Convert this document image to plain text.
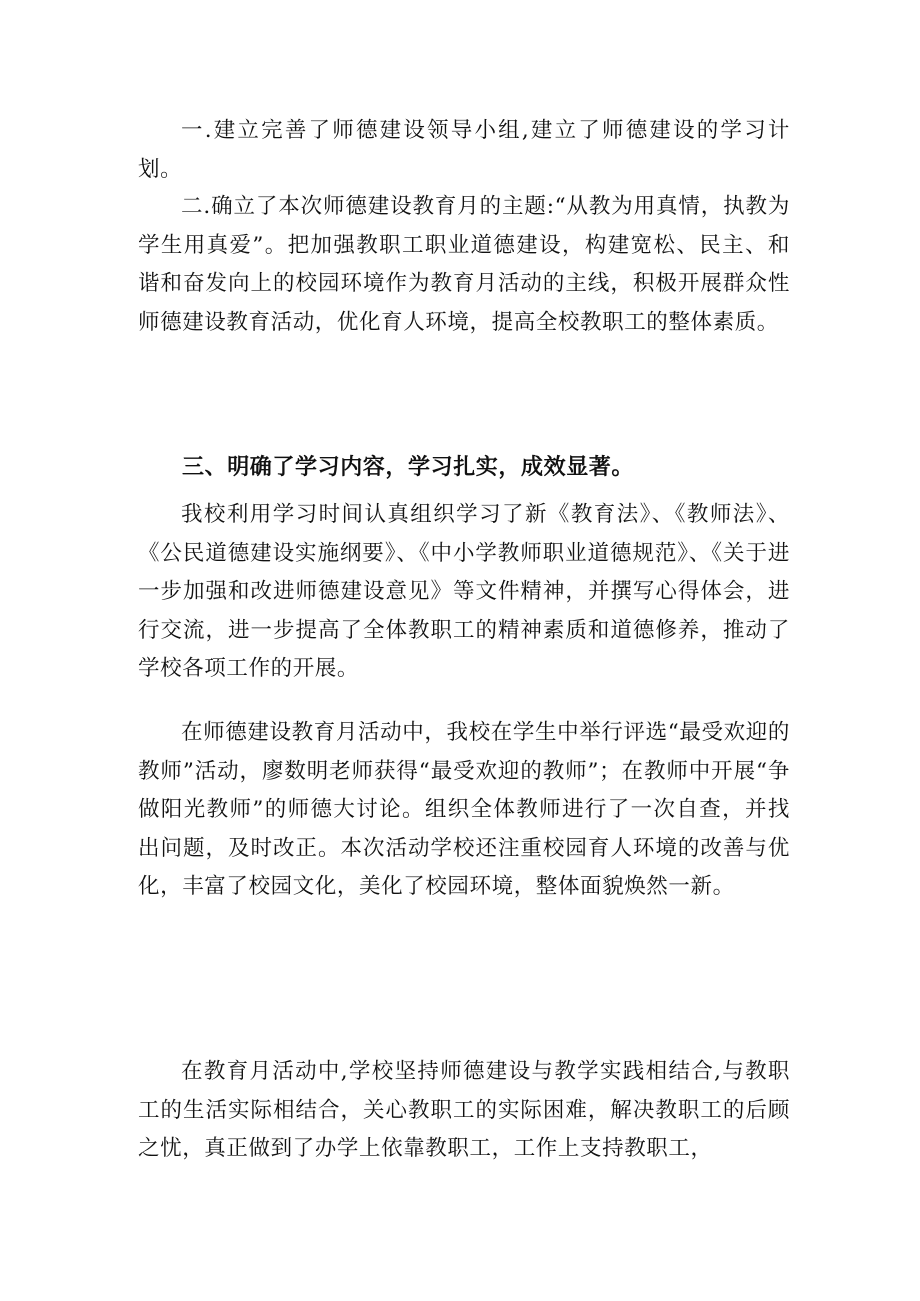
一.建立完善了师德建设领导小组,建立了师德建设的学习计划。

二.确立了本次师德建设教育月的主题:“从教为用真情，执教为学生用真爱”。把加强教职工职业道德建设，构建宽松、民主、和谐和奋发向上的校园环境作为教育月活动的主线，积极开展群众性师德建设教育活动，优化育人环境，提高全校教职工的整体素质。

三、明确了学习内容，学习扎实，成效显著。

我校利用学习时间认真组织学习了新《教育法》、《教师法》、《公民道德建设实施纲要》、《中小学教师职业道德规范》、《关于进一步加强和改进师德建设意见》等文件精神，并撰写心得体会，进行交流，进一步提高了全体教职工的精神素质和道德修养，推动了学校各项工作的开展。

在师德建设教育月活动中，我校在学生中举行评选“最受欢迎的教师”活动，廖数明老师获得“最受欢迎的教师”；在教师中开展“争做阳光教师”的师德大讨论。组织全体教师进行了一次自查，并找出问题，及时改正。本次活动学校还注重校园育人环境的改善与优化，丰富了校园文化，美化了校园环境，整体面貌焕然一新。

在教育月活动中,学校坚持师德建设与教学实践相结合,与教职工的生活实际相结合，关心教职工的实际困难，解决教职工的后顾之忧，真正做到了办学上依靠教职工，工作上支持教职工，
